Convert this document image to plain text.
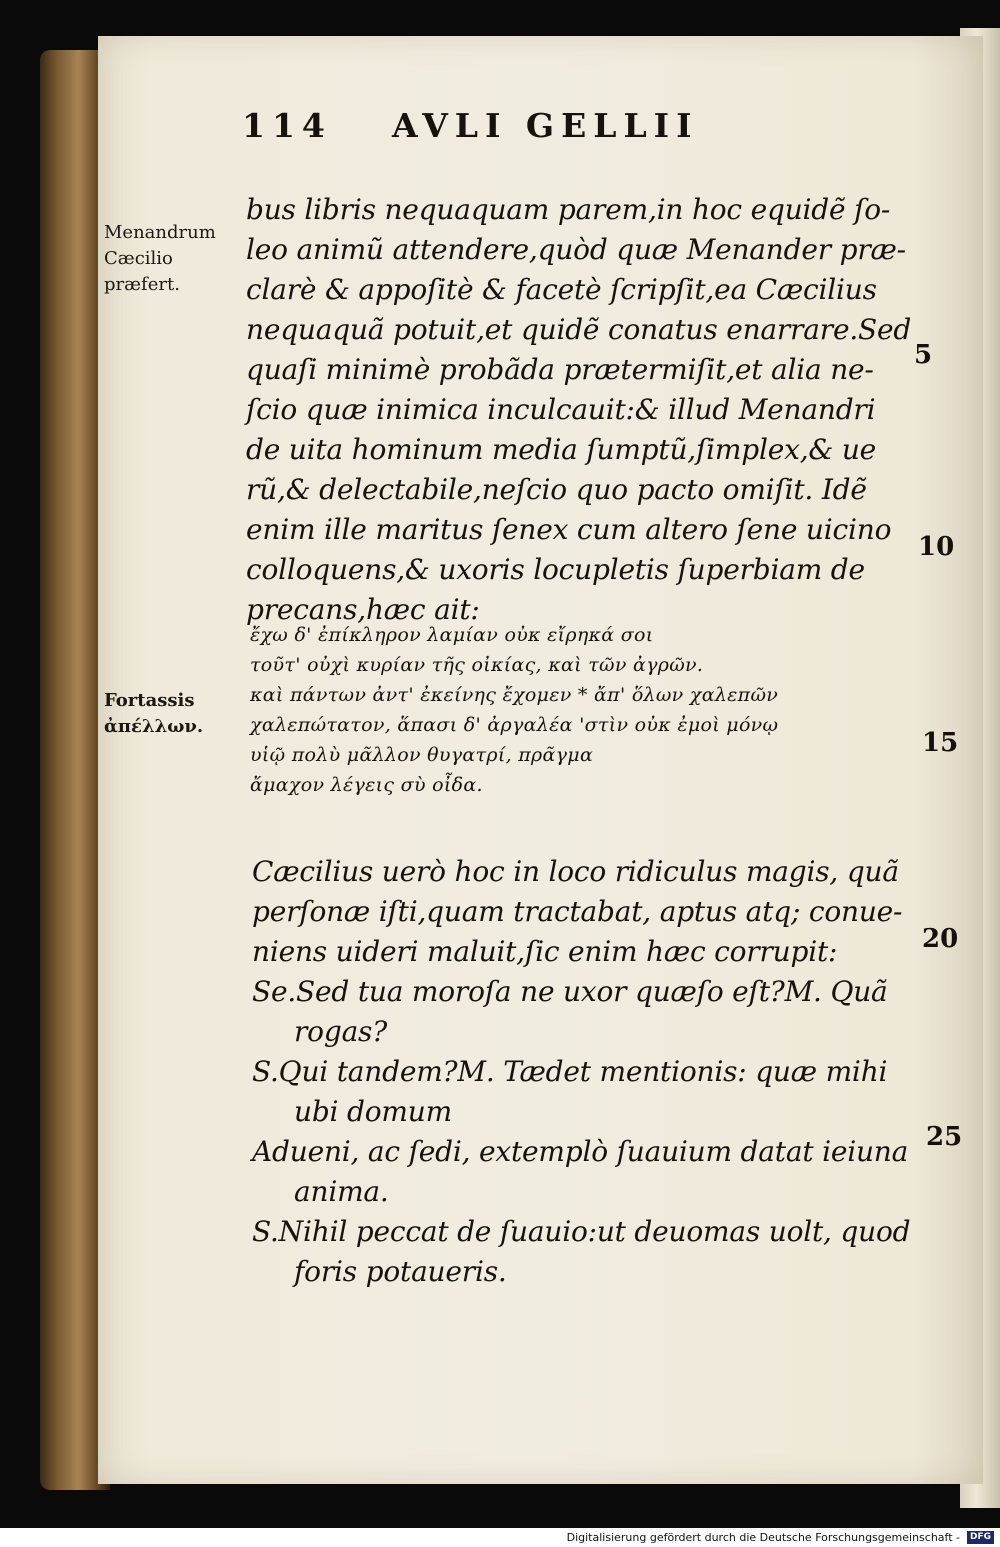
114 AVLI GELLII
Menandrum
Cæcilio
præfert.
Fortassis
ἀπέλλων.
bus libris nequaquam parem,in hoc equidẽ ſo-
leo animũ attendere,quòd quæ Menander præ-
clarè & appoſitè & facetè ſcripſit,ea Cæcilius
nequaquã potuit,et quidẽ conatus enarrare.Sed
quaſi minimè probãda prætermiſit,et alia ne-
ſcio quæ inimica inculcauit:& illud Menandri
de uita hominum media ſumptũ,ſimplex,& ue
rũ,& delectabile,neſcio quo pacto omiſit. Idẽ
enim ille maritus ſenex cum altero ſene uicino
colloquens,& uxoris locupletis ſuperbiam de
precans,hæc ait:
ἔχω δ' ἐπίκληρον λαμίαν οὐκ εἴρηκά σοι
τοῦτ' οὐχὶ κυρίαν τῆς οἰκίας, καὶ τῶν ἀγρῶν.
καὶ πάντων ἀντ' ἐκείνης ἔχομεν * ἄπ' ὅλων χαλεπῶν
χαλεπώτατον, ἅπασι δ' ἀργαλέα 'στὶν οὐκ ἐμοὶ μόνῳ
υἱῷ πολὺ μᾶλλον θυγατρί, πρᾶγμα
ἄμαχον λέγεις σὺ οἶδα.
Cæcilius uerò hoc in loco ridiculus magis, quã
perſonæ iſti,quam tractabat, aptus atq; conue-
niens uideri maluit,ſic enim hæc corrupit:
Se.Sed tua moroſa ne uxor quæſo eſt?M. Quã
rogas?
S.Qui tandem?M. Tædet mentionis: quæ mihi
ubi domum
Adueni, ac ſedi, extemplò ſuauium datat ieiuna
anima.
S.Nihil peccat de ſuauio:ut deuomas uolt, quod
foris potaueris.
5
10
15
20
25
Digitalisierung gefördert durch die Deutsche Forschungsgemeinschaft -	DFG
